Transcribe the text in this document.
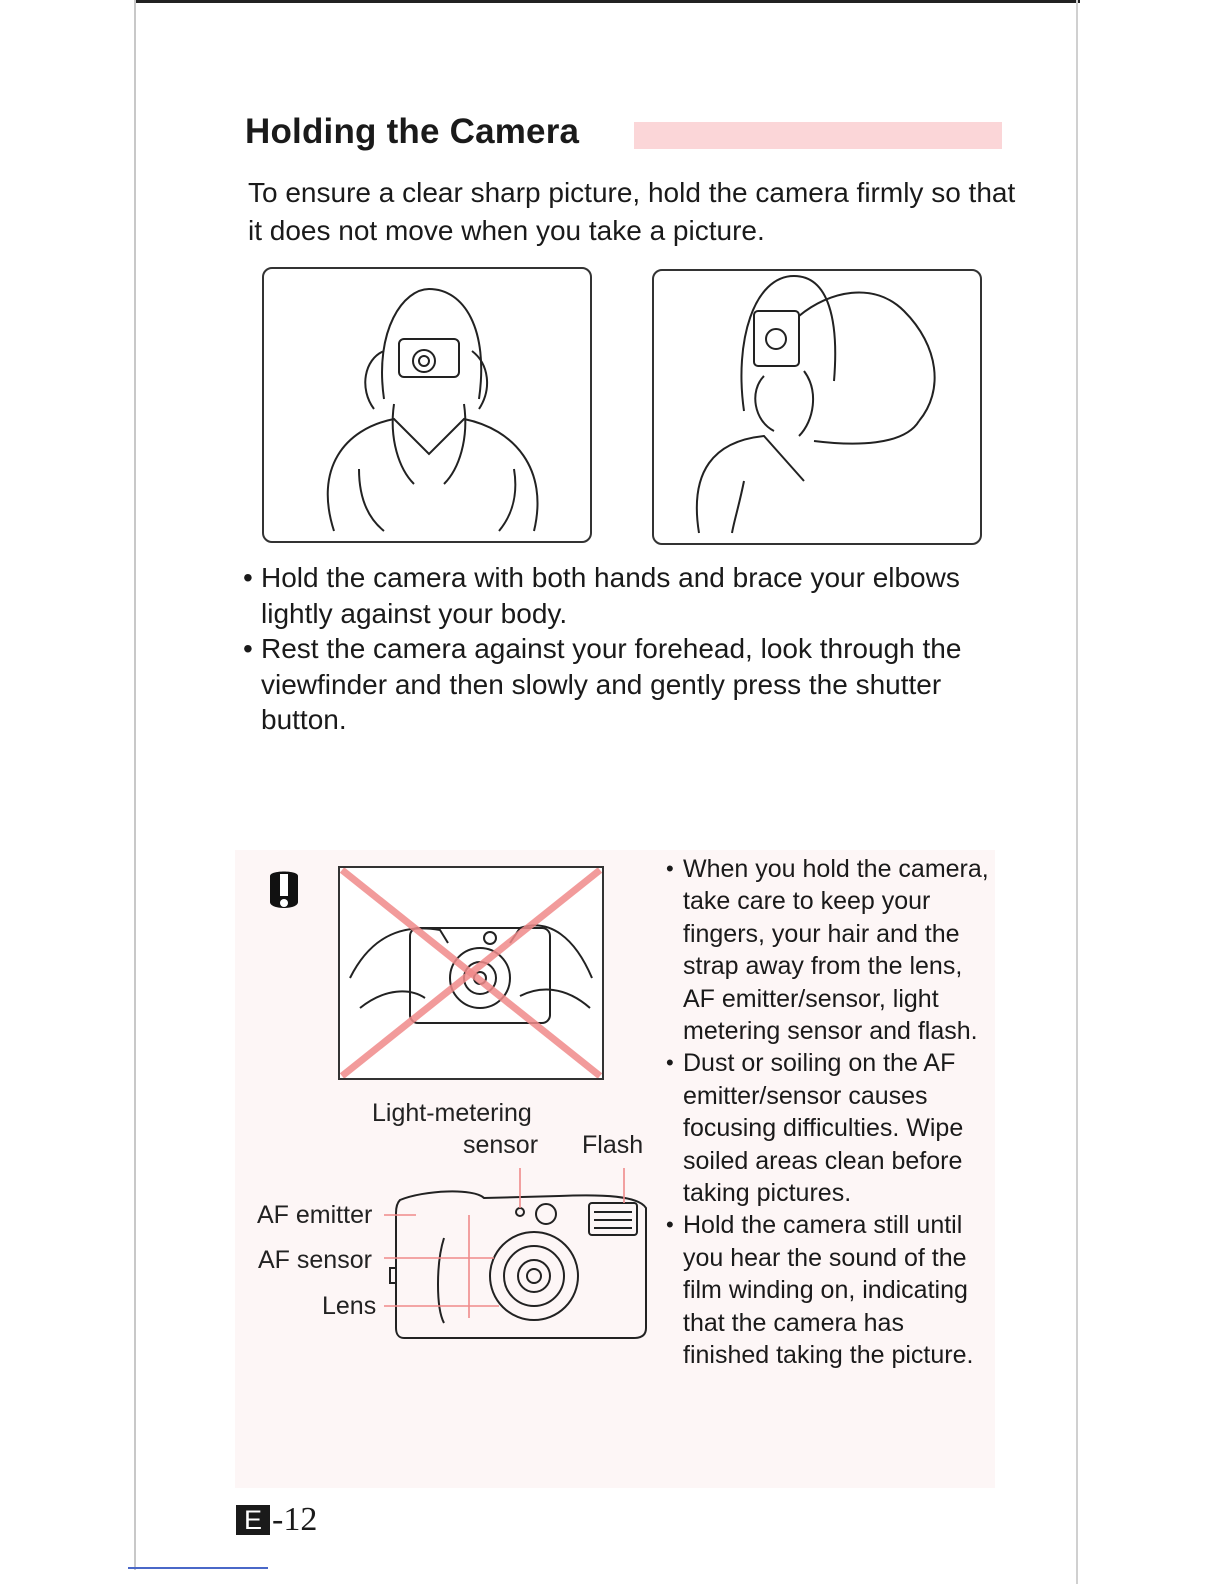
Holding the Camera
To ensure a clear sharp picture, hold the camera firmly so that it does not move when you take a picture.
• Hold the camera with both hands and brace your elbows lightly against your body.
• Rest the camera against your forehead, look through the viewfinder and then slowly and gently press the shutter button.
Light-metering
sensor Flash
AF emitter
AF sensor
Lens
• When you hold the camera, take care to keep your fingers, your hair and the strap away from the lens, AF emitter/sensor, light metering sensor and flash.
• Dust or soiling on the AF emitter/sensor causes focusing difficulties. Wipe soiled areas clean before taking pictures.
• Hold the camera still until you hear the sound of the film winding on, indicating that the camera has finished taking the picture.
E -12
